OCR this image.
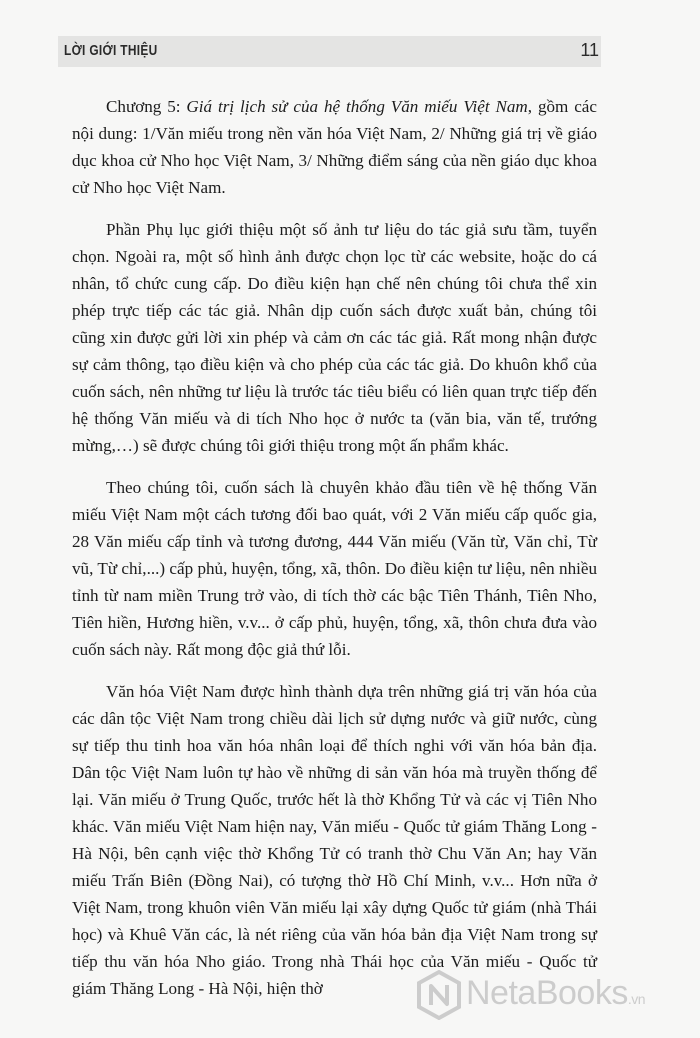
LỜI GIỚI THIỆU	11

Chương 5: Giá trị lịch sử của hệ thống Văn miếu Việt Nam, gồm các nội dung: 1/Văn miếu trong nền văn hóa Việt Nam, 2/ Những giá trị về giáo dục khoa cử Nho học Việt Nam, 3/ Những điểm sáng của nền giáo dục khoa cử Nho học Việt Nam.

Phần Phụ lục giới thiệu một số ảnh tư liệu do tác giả sưu tầm, tuyển chọn. Ngoài ra, một số hình ảnh được chọn lọc từ các website, hoặc do cá nhân, tổ chức cung cấp. Do điều kiện hạn chế nên chúng tôi chưa thể xin phép trực tiếp các tác giả. Nhân dịp cuốn sách được xuất bản, chúng tôi cũng xin được gửi lời xin phép và cảm ơn các tác giả. Rất mong nhận được sự cảm thông, tạo điều kiện và cho phép của các tác giả. Do khuôn khổ của cuốn sách, nên những tư liệu là trước tác tiêu biểu có liên quan trực tiếp đến hệ thống Văn miếu và di tích Nho học ở nước ta (văn bia, văn tế, trướng mừng,…) sẽ được chúng tôi giới thiệu trong một ấn phẩm khác.

Theo chúng tôi, cuốn sách là chuyên khảo đầu tiên về hệ thống Văn miếu Việt Nam một cách tương đối bao quát, với 2 Văn miếu cấp quốc gia, 28 Văn miếu cấp tỉnh và tương đương, 444 Văn miếu (Văn từ, Văn chỉ, Từ vũ, Từ chỉ,...) cấp phủ, huyện, tổng, xã, thôn. Do điều kiện tư liệu, nên nhiều tỉnh từ nam miền Trung trở vào, di tích thờ các bậc Tiên Thánh, Tiên Nho, Tiên hiền, Hương hiền, v.v... ở cấp phủ, huyện, tổng, xã, thôn chưa đưa vào cuốn sách này. Rất mong độc giả thứ lỗi.

Văn hóa Việt Nam được hình thành dựa trên những giá trị văn hóa của các dân tộc Việt Nam trong chiều dài lịch sử dựng nước và giữ nước, cùng sự tiếp thu tinh hoa văn hóa nhân loại để thích nghi với văn hóa bản địa. Dân tộc Việt Nam luôn tự hào về những di sản văn hóa mà truyền thống để lại. Văn miếu ở Trung Quốc, trước hết là thờ Khổng Tử và các vị Tiên Nho khác. Văn miếu Việt Nam hiện nay, Văn miếu - Quốc tử giám Thăng Long - Hà Nội, bên cạnh việc thờ Khổng Tử có tranh thờ Chu Văn An; hay Văn miếu Trấn Biên (Đồng Nai), có tượng thờ Hồ Chí Minh, v.v... Hơn nữa ở Việt Nam, trong khuôn viên Văn miếu lại xây dựng Quốc tử giám (nhà Thái học) và Khuê Văn các, là nét riêng của văn hóa bản địa Việt Nam trong sự tiếp thu văn hóa Nho giáo. Trong nhà Thái học của Văn miếu - Quốc tử giám Thăng Long - Hà Nội, hiện thờ	NetaBooks.vn
